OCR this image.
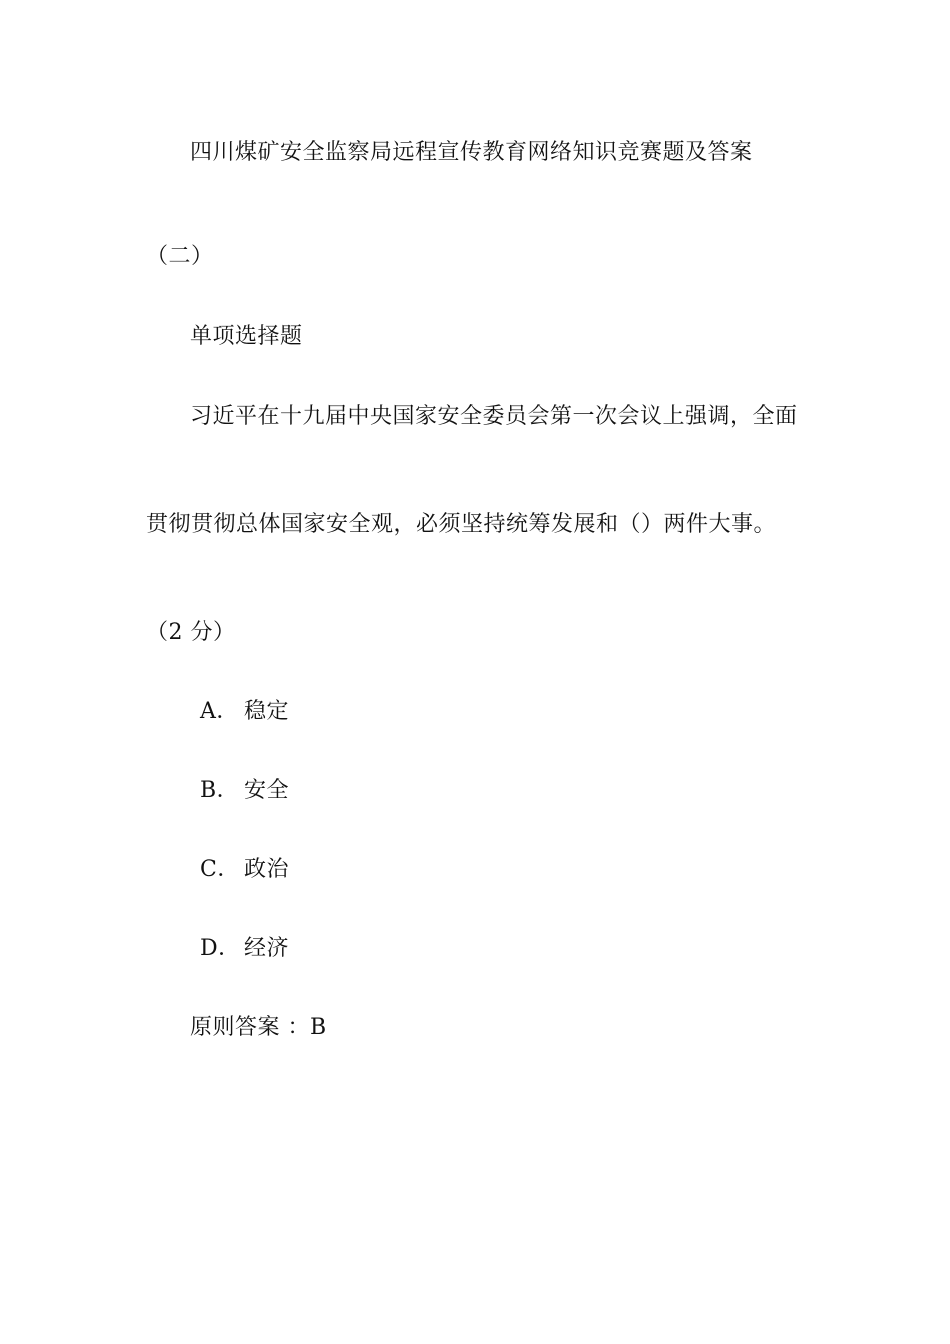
四川煤矿安全监察局远程宣传教育网络知识竞赛题及答案
（二）
单项选择题
习近平在十九届中央国家安全委员会第一次会议上强调，全面
贯彻贯彻总体国家安全观，必须坚持统筹发展和（）两件大事。
（2 分）
A． 稳定
B． 安全
C． 政治
D． 经济
原则答案 ：B
